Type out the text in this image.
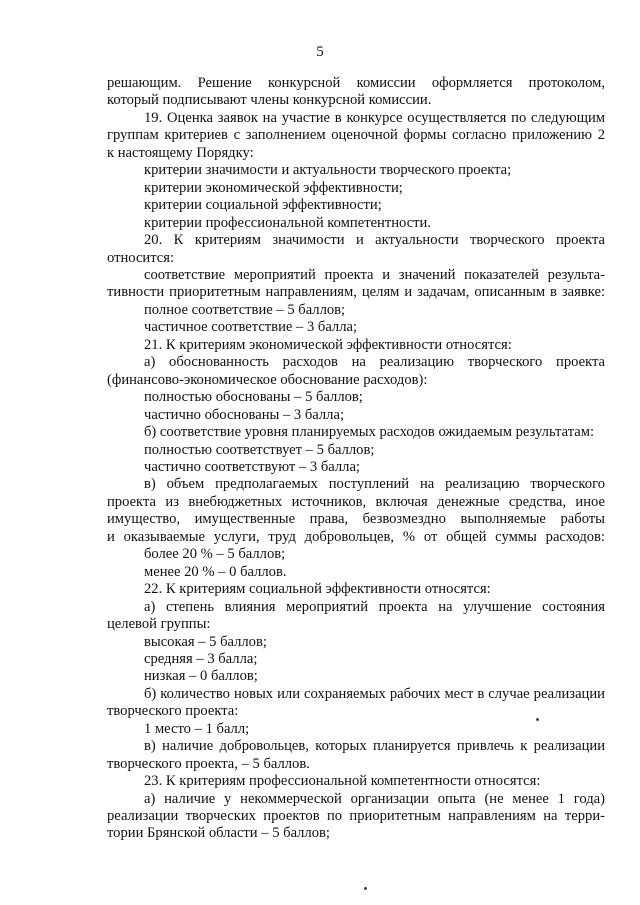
5

решающим. Решение конкурсной комиссии оформляется протоколом,

который подписывают члены конкурсной комиссии.

19. Оценка заявок на участие в конкурсе осуществляется по следующим

группам критериев с заполнением оценочной формы согласно приложению 2

к настоящему Порядку:

критерии значимости и актуальности творческого проекта;

критерии экономической эффективности;

критерии социальной эффективности;

критерии профессиональной компетентности.

20. К критериям значимости и актуальности творческого проекта

относится:

соответствие мероприятий проекта и значений показателей результа-

тивности приоритетным направлениям, целям и задачам, описанным в заявке:

полное соответствие – 5 баллов;

частичное соответствие – 3 балла;

21. К критериям экономической эффективности относятся:

а) обоснованность расходов на реализацию творческого проекта

(финансово-экономическое обоснование расходов):

полностью обоснованы – 5 баллов;

частично обоснованы – 3 балла;

б) соответствие уровня планируемых расходов ожидаемым результатам:

полностью соответствует – 5 баллов;

частично соответствуют – 3 балла;

в) объем предполагаемых поступлений на реализацию творческого

проекта из внебюджетных источников, включая денежные средства, иное

имущество, имущественные права, безвозмездно выполняемые работы

и оказываемые услуги, труд добровольцев, % от общей суммы расходов:

более 20 % – 5 баллов;

менее 20 % – 0 баллов.

22. К критериям социальной эффективности относятся:

а) степень влияния мероприятий проекта на улучшение состояния

целевой группы:

высокая – 5 баллов;

средняя – 3 балла;

низкая – 0 баллов;

б) количество новых или сохраняемых рабочих мест в случае реализации

творческого проекта:

1 место – 1 балл;

в) наличие добровольцев, которых планируется привлечь к реализации

творческого проекта, – 5 баллов.

23. К критериям профессиональной компетентности относятся:

а) наличие у некоммерческой организации опыта (не менее 1 года)

реализации творческих проектов по приоритетным направлениям на терри-

тории Брянской области – 5 баллов;
